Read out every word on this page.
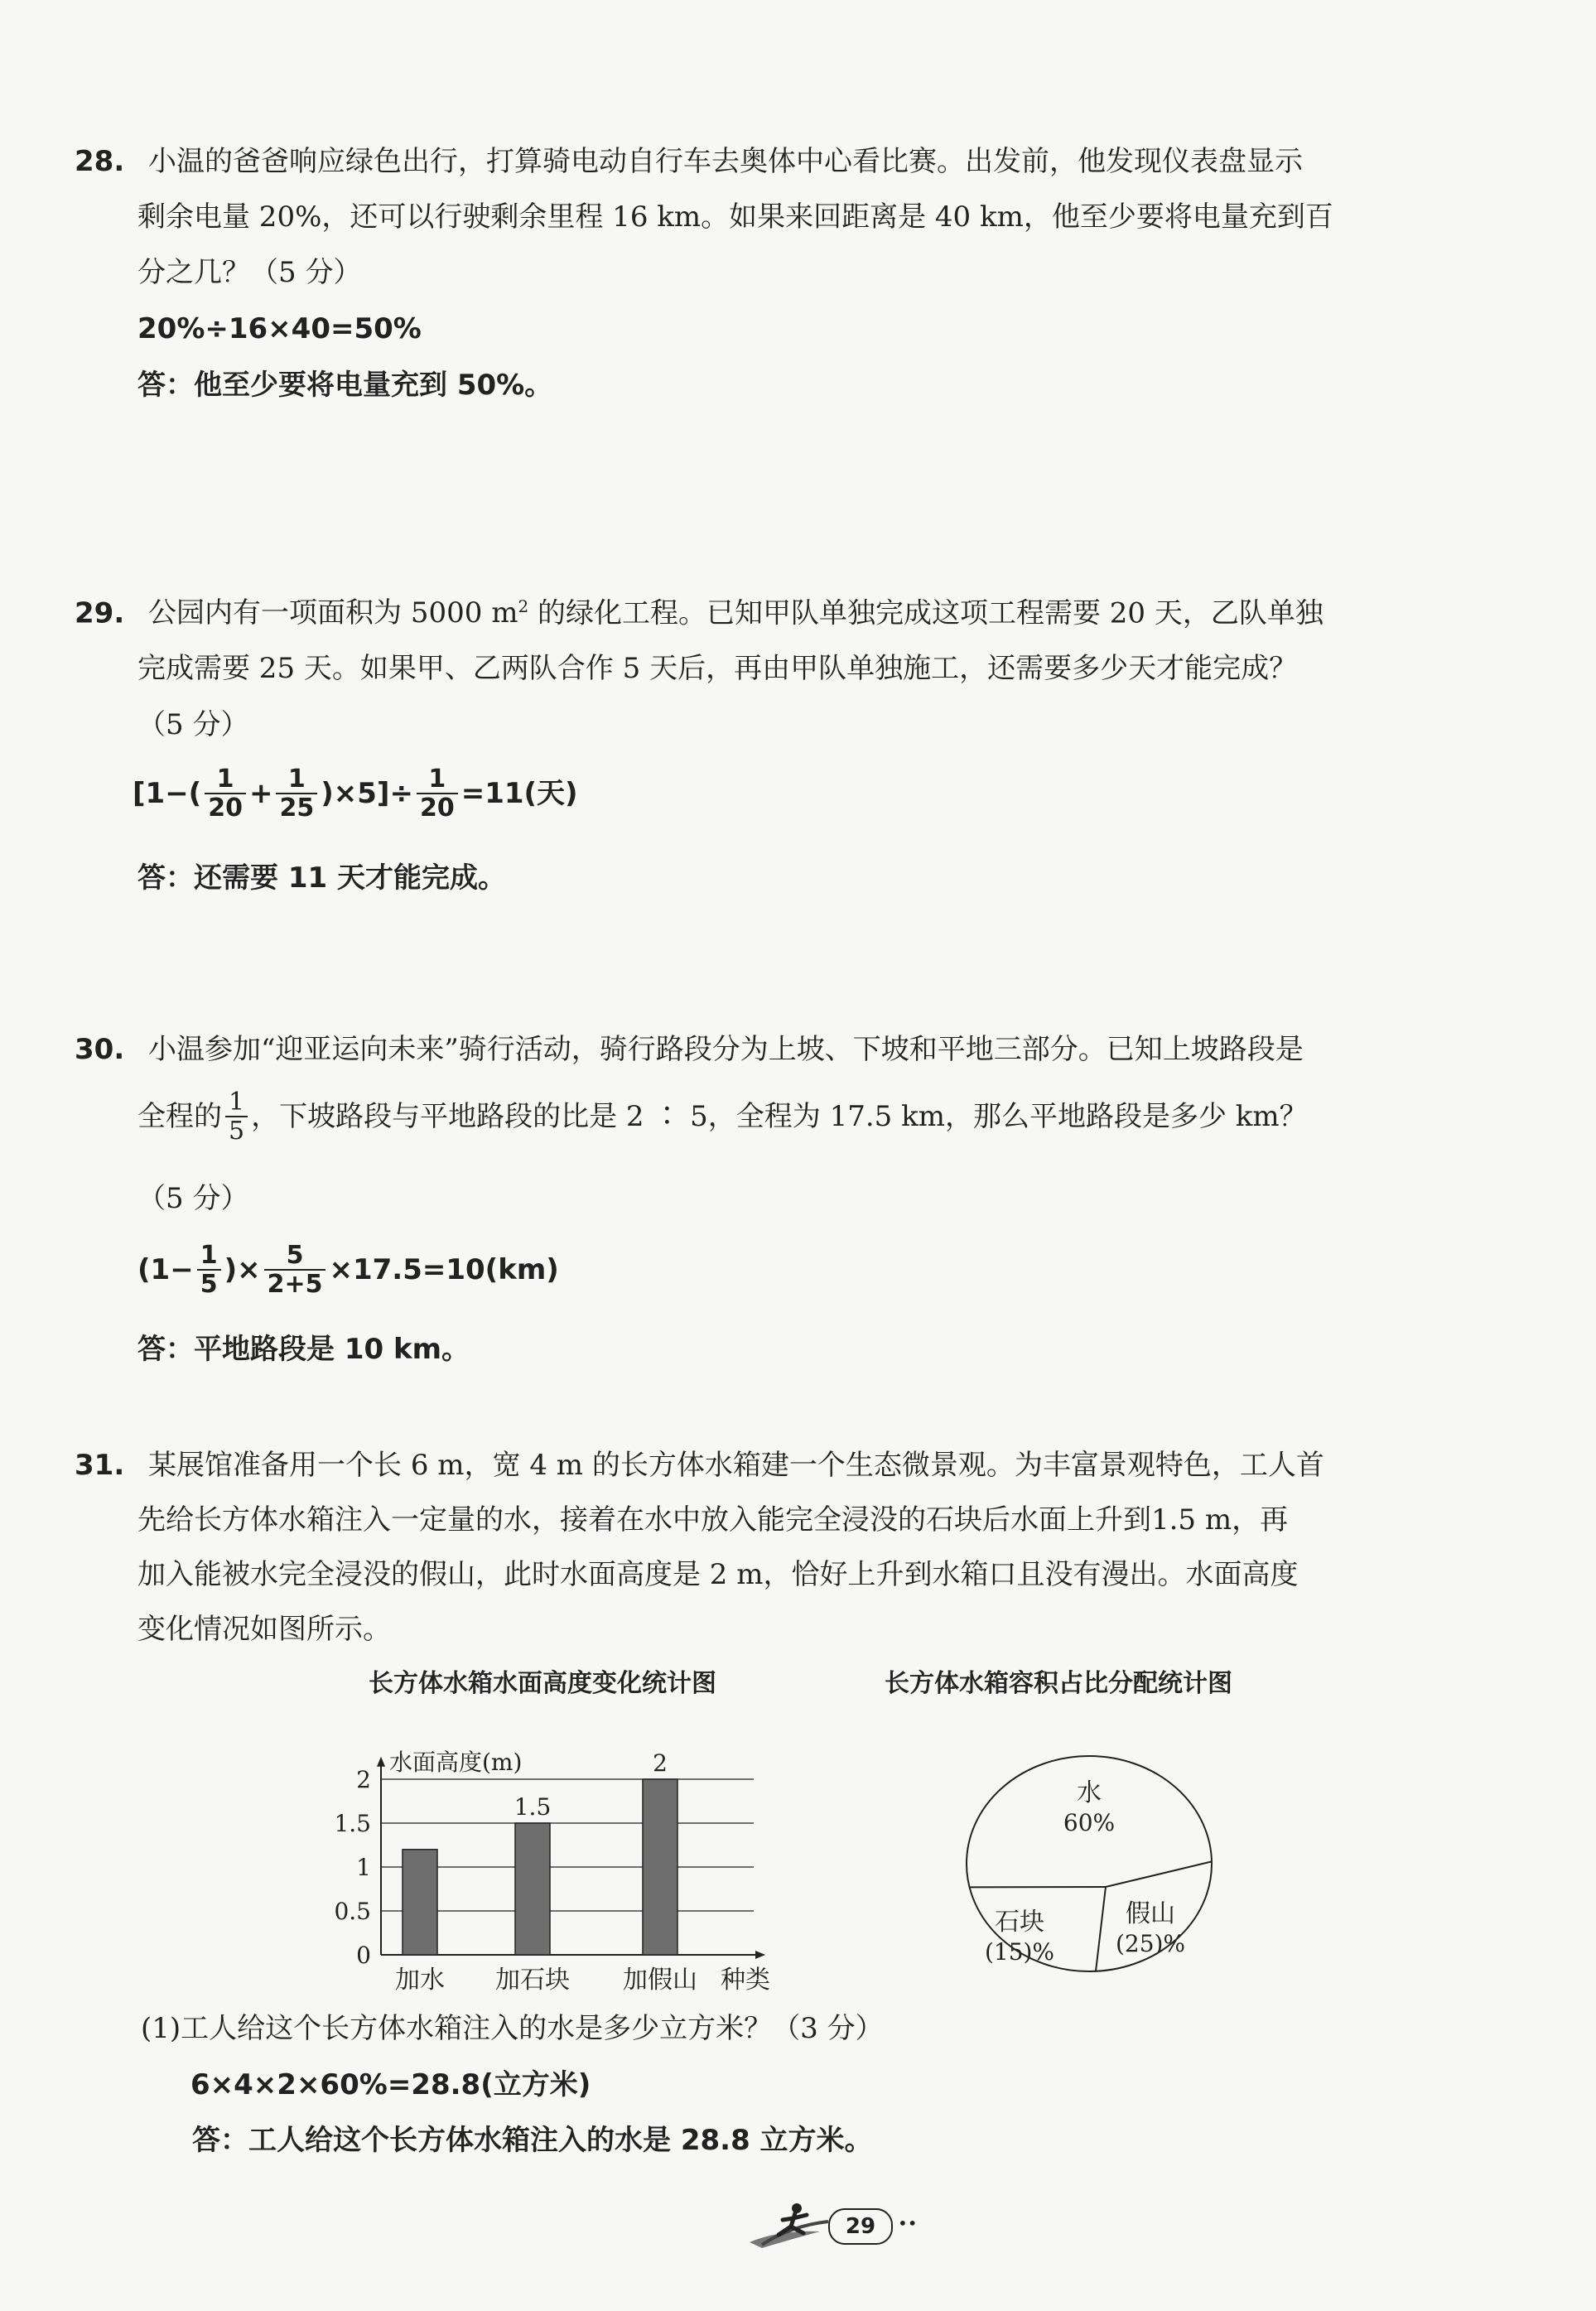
28. 小温的爸爸响应绿色出行，打算骑电动自行车去奥体中心看比赛。出发前，他发现仪表盘显示
剩余电量 20%，还可以行驶剩余里程 16 km。如果来回距离是 40 km，他至少要将电量充到百
分之几？（5 分）
20%÷16×40=50%
答：他至少要将电量充到 50%。
29. 公园内有一项面积为 5000 $m^2$ 的绿化工程。已知甲队单独完成这项工程需要 20 天，乙队单独
完成需要 25 天。如果甲、乙两队合作 5 天后，再由甲队单独施工，还需要多少天才能完成？
（5 分）
$[1-( \frac{1}{20} + \frac{1}{25} )\times 5]\div \frac{1}{20} =11$(天)
答：还需要 11 天才能完成。
30. 小温参加“迎亚运向未来”骑行活动，骑行路段分为上坡、下坡和平地三部分。已知上坡路段是
全程的 $\frac{1}{5}$ ，下坡路段与平地路段的比是 2 ∶ 5，全程为 17.5 km，那么平地路段是多少 km？
（5 分）
($1- \frac{1}{5}$ )× $\frac{5}{2+5} \times 17.5=10(km)$
答：平地路段是 10 km。
31. 某展馆准备用一个长 6 m，宽 4 m 的长方体水箱建一个生态微景观。为丰富景观特色，工人首
先给长方体水箱注入一定量的水，接着在水中放入能完全浸没的石块后水面上升到1.5 m，再
加入能被水完全浸没的假山，此时水面高度是 2 m，恰好上升到水箱口且没有漫出。水面高度
变化情况如图所示。
长方体水箱水面高度变化统计图	长方体水箱容积占比分配统计图
0
0.5
1
1.5
2
水面高度(m)
加水
1.5
加石块
2
加假山 种类
水
60%
石块
(15)%
假山
(25)%
(1)工人给这个长方体水箱注入的水是多少立方米？（3 分）
6×4×2×60%=28.8(立方米)
答：工人给这个长方体水箱注入的水是 28.8 立方米。
29	••
